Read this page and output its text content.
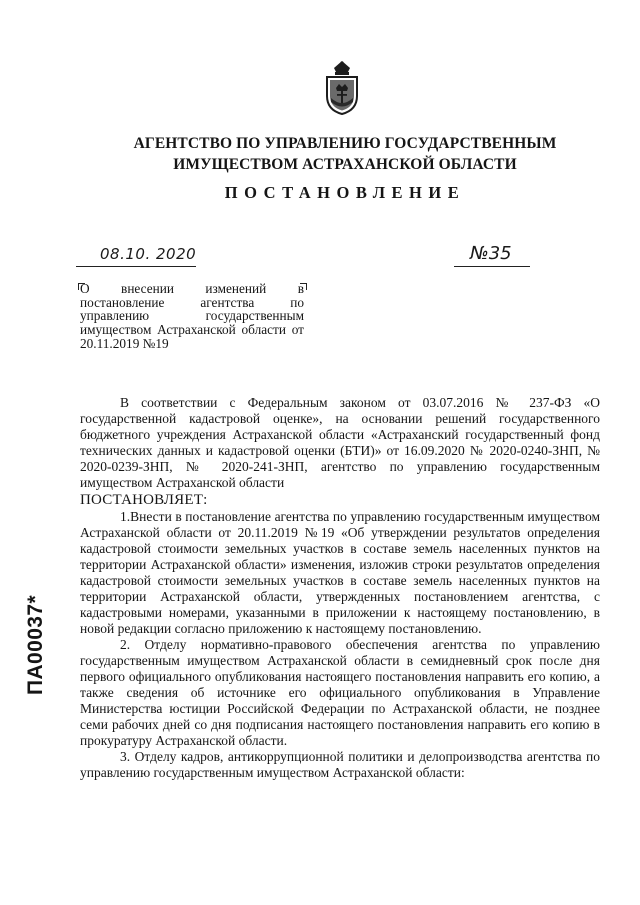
АГЕНТСТВО ПО УПРАВЛЕНИЮ ГОСУДАРСТВЕННЫМ
ИМУЩЕСТВОМ АСТРАХАНСКОЙ ОБЛАСТИ
ПОСТАНОВЛЕНИЕ
08.10. 2020	№35
О внесении изменений в постановление агентства по управлению государственным имуществом Астраханской области от 20.11.2019 №19
ПА00037*

В соответствии с Федеральным законом от 03.07.2016 № 237-ФЗ «О государственной кадастровой оценке», на основании решений государственного бюджетного учреждения Астраханской области «Астраханский государственный фонд технических данных и кадастровой оценки (БТИ)» от 16.09.2020 № 2020-0240-ЗНП, № 2020-0239-ЗНП, № 2020-241-ЗНП, агентство по управлению государственным имуществом Астраханской области

ПОСТАНОВЛЯЕТ:

1.Внести в постановление агентства по управлению государственным имуществом Астраханской области от 20.11.2019 №19 «Об утверждении результатов определения кадастровой стоимости земельных участков в составе земель населенных пунктов на территории Астраханской области» изменения, изложив строки результатов определения кадастровой стоимости земельных участков в составе земель населенных пунктов на территории Астраханской области, утвержденных постановлением агентства, с кадастровыми номерами, указанными в приложении к настоящему постановлению, в новой редакции согласно приложению к настоящему постановлению.

2. Отделу нормативно-правового обеспечения агентства по управлению государственным имуществом Астраханской области в семидневный срок после дня первого официального опубликования настоящего постановления направить его копию, а также сведения об источнике его официального опубликования в Управление Министерства юстиции Российской Федерации по Астраханской области, не позднее семи рабочих дней со дня подписания настоящего постановления направить его копию в прокуратуру Астраханской области.

3. Отделу кадров, антикоррупционной политики и делопроизводства агентства по управлению государственным имуществом Астраханской области:
